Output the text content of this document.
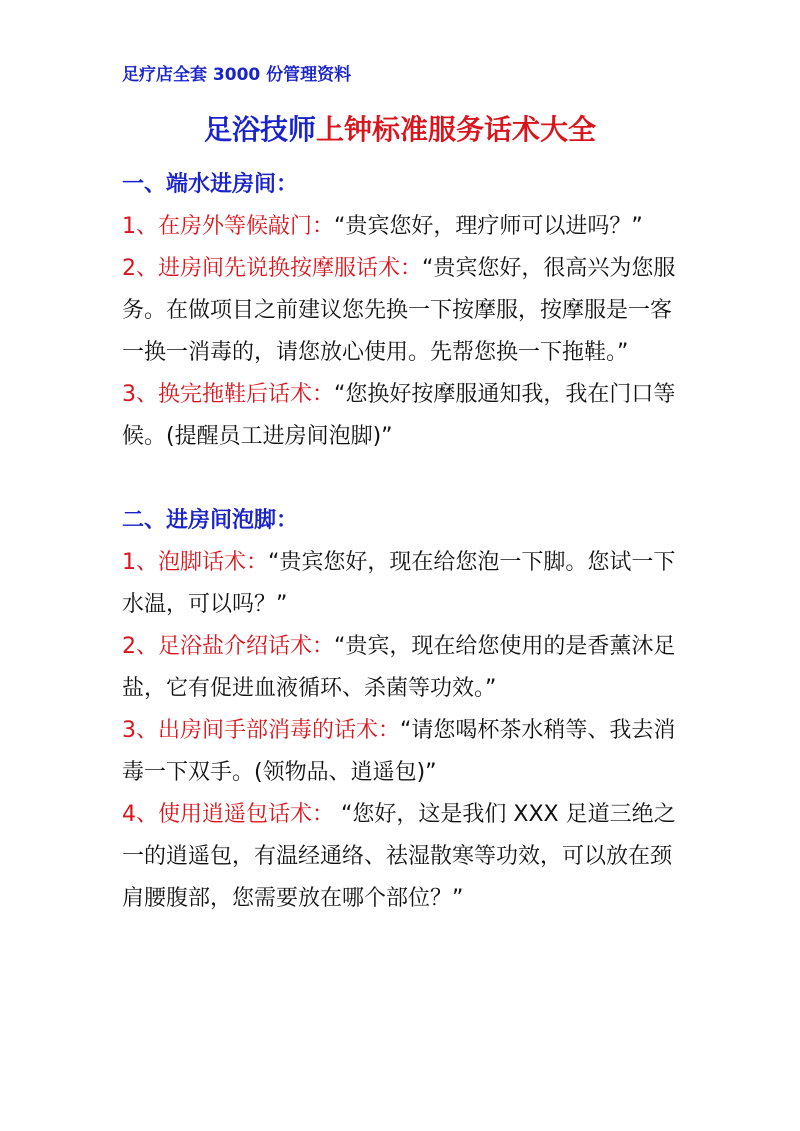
足疗店全套 3000 份管理资料
足浴技师上钟标准服务话术大全
一、端水进房间：

1、在房外等候敲门：“贵宾您好，理疗师可以进吗？”

2、进房间先说换按摩服话术：“贵宾您好，很高兴为您服务。在做项目之前建议您先换一下按摩服，按摩服是一客一换一消毒的，请您放心使用。先帮您换一下拖鞋。”

3、换完拖鞋后话术：“您换好按摩服通知我，我在门口等候。(提醒员工进房间泡脚)”

二、进房间泡脚：

1、泡脚话术：“贵宾您好，现在给您泡一下脚。您试一下水温，可以吗？”

2、足浴盐介绍话术：“贵宾，现在给您使用的是香薰沐足盐，它有促进血液循环、杀菌等功效。”

3、出房间手部消毒的话术：“请您喝杯茶水稍等、我去消毒一下双手。(领物品、逍遥包)”

4、使用逍遥包话术： “您好，这是我们 XXX 足道三绝之一的逍遥包，有温经通络、祛湿散寒等功效，可以放在颈肩腰腹部，您需要放在哪个部位？”
